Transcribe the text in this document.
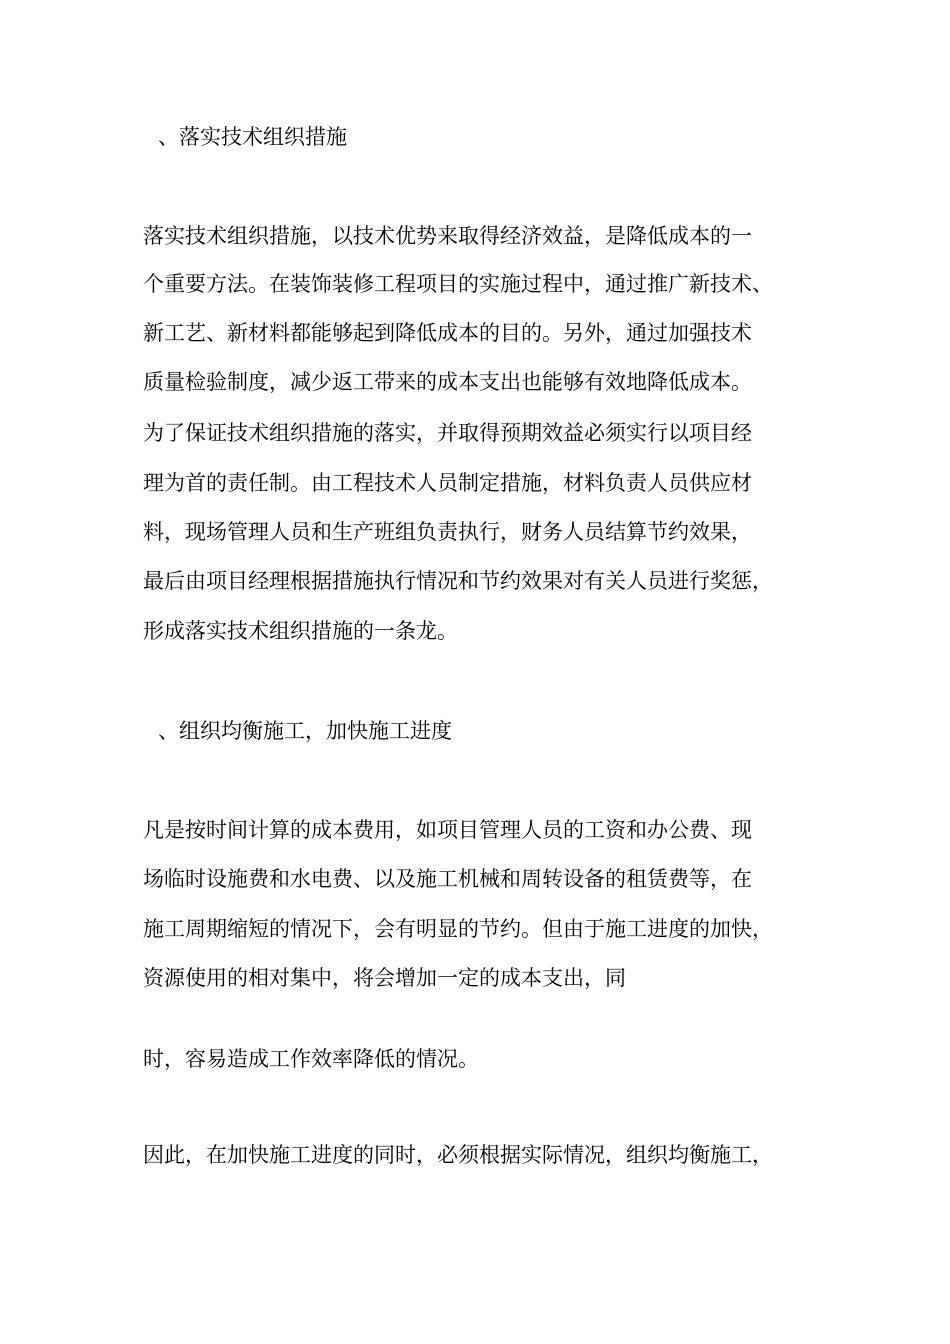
、落实技术组织措施

落实技术组织措施，以技术优势来取得经济效益，是降低成本的一

个重要方法。在装饰装修工程项目的实施过程中，通过推广新技术、

新工艺、新材料都能够起到降低成本的目的。另外，通过加强技术

质量检验制度，减少返工带来的成本支出也能够有效地降低成本。

为了保证技术组织措施的落实，并取得预期效益必须实行以项目经

理为首的责任制。由工程技术人员制定措施，材料负责人员供应材

料，现场管理人员和生产班组负责执行，财务人员结算节约效果，

最后由项目经理根据措施执行情况和节约效果对有关人员进行奖惩，

形成落实技术组织措施的一条龙。

、组织均衡施工，加快施工进度

凡是按时间计算的成本费用，如项目管理人员的工资和办公费、现

场临时设施费和水电费、以及施工机械和周转设备的租赁费等，在

施工周期缩短的情况下，会有明显的节约。但由于施工进度的加快，

资源使用的相对集中，将会增加一定的成本支出，同

时，容易造成工作效率降低的情况。

因此，在加快施工进度的同时，必须根据实际情况，组织均衡施工，
